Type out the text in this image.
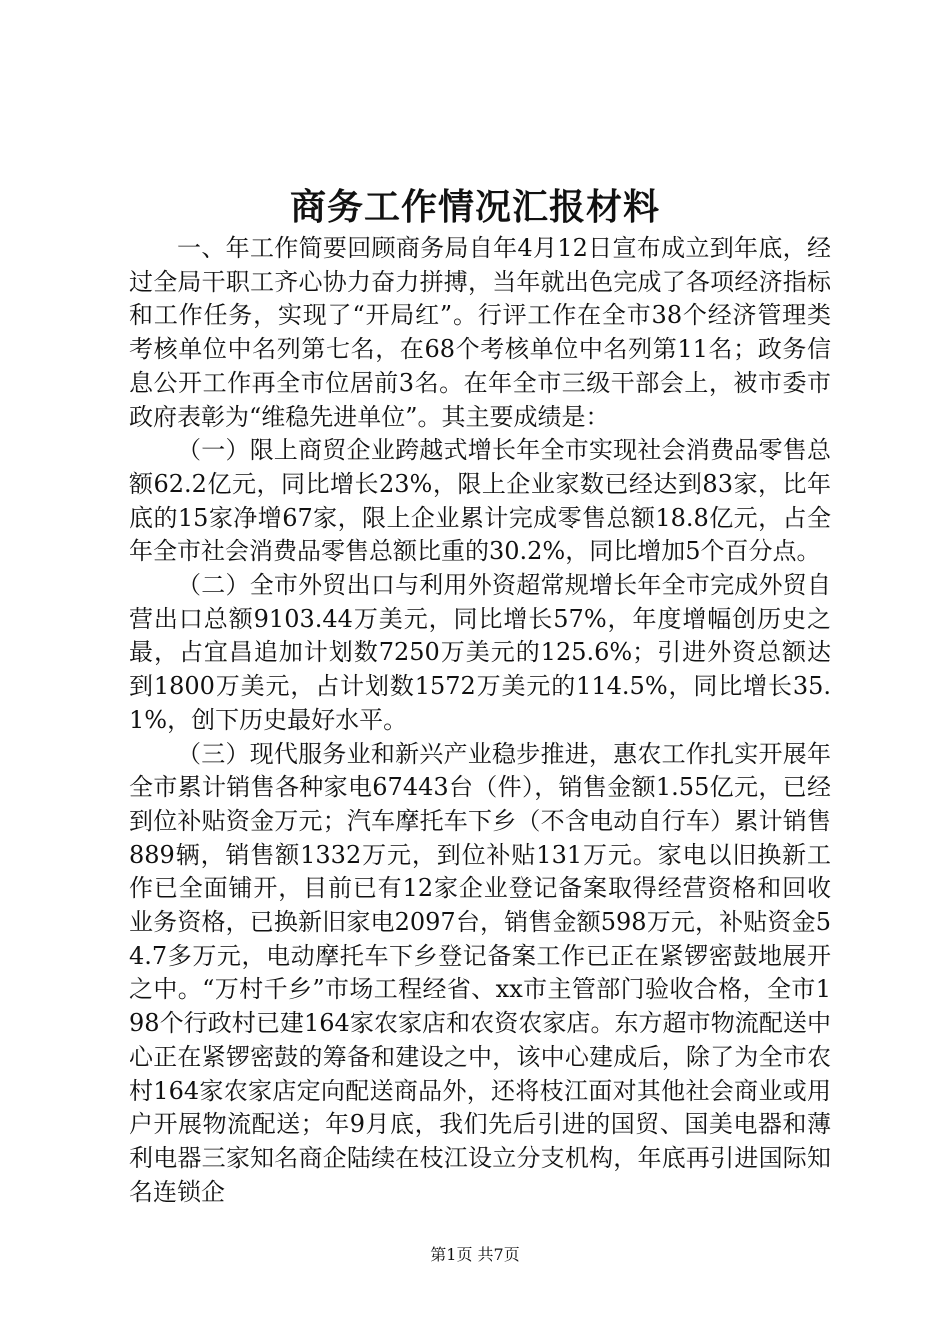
商务工作情况汇报材料

一、年工作简要回顾商务局自年4月12日宣布成立到年底，经过全局干职工齐心协力奋力拼搏，当年就出色完成了各项经济指标和工作任务，实现了“开局红”。行评工作在全市38个经济管理类考核单位中名列第七名，在68个考核单位中名列第11名；政务信息公开工作再全市位居前3名。在年全市三级干部会上，被市委市政府表彰为“维稳先进单位”。其主要成绩是：

（一）限上商贸企业跨越式增长年全市实现社会消费品零售总额62.2亿元，同比增长23%，限上企业家数已经达到83家，比年底的15家净增67家，限上企业累计完成零售总额18.8亿元，占全年全市社会消费品零售总额比重的30.2%，同比增加5个百分点。

（二）全市外贸出口与利用外资超常规增长年全市完成外贸自营出口总额9103.44万美元，同比增长57%，年度增幅创历史之最，占宜昌追加计划数7250万美元的125.6%；引进外资总额达到1800万美元，占计划数1572万美元的114.5%，同比增长35.1%，创下历史最好水平。

（三）现代服务业和新兴产业稳步推进，惠农工作扎实开展年全市累计销售各种家电67443台（件），销售金额1.55亿元，已经到位补贴资金万元；汽车摩托车下乡（不含电动自行车）累计销售889辆，销售额1332万元，到位补贴131万元。家电以旧换新工作已全面铺开，目前已有12家企业登记备案取得经营资格和回收业务资格，已换新旧家电2097台，销售金额598万元，补贴资金54.7多万元，电动摩托车下乡登记备案工作已正在紧锣密鼓地展开之中。“万村千乡”市场工程经省、xx市主管部门验收合格，全市198个行政村已建164家农家店和农资农家店。东方超市物流配送中心正在紧锣密鼓的筹备和建设之中，该中心建成后，除了为全市农村164家农家店定向配送商品外，还将枝江面对其他社会商业或用户开展物流配送；年9月底，我们先后引进的国贸、国美电器和薄利电器三家知名商企陆续在枝江设立分支机构，年底再引进国际知名连锁企

第1页 共7页
